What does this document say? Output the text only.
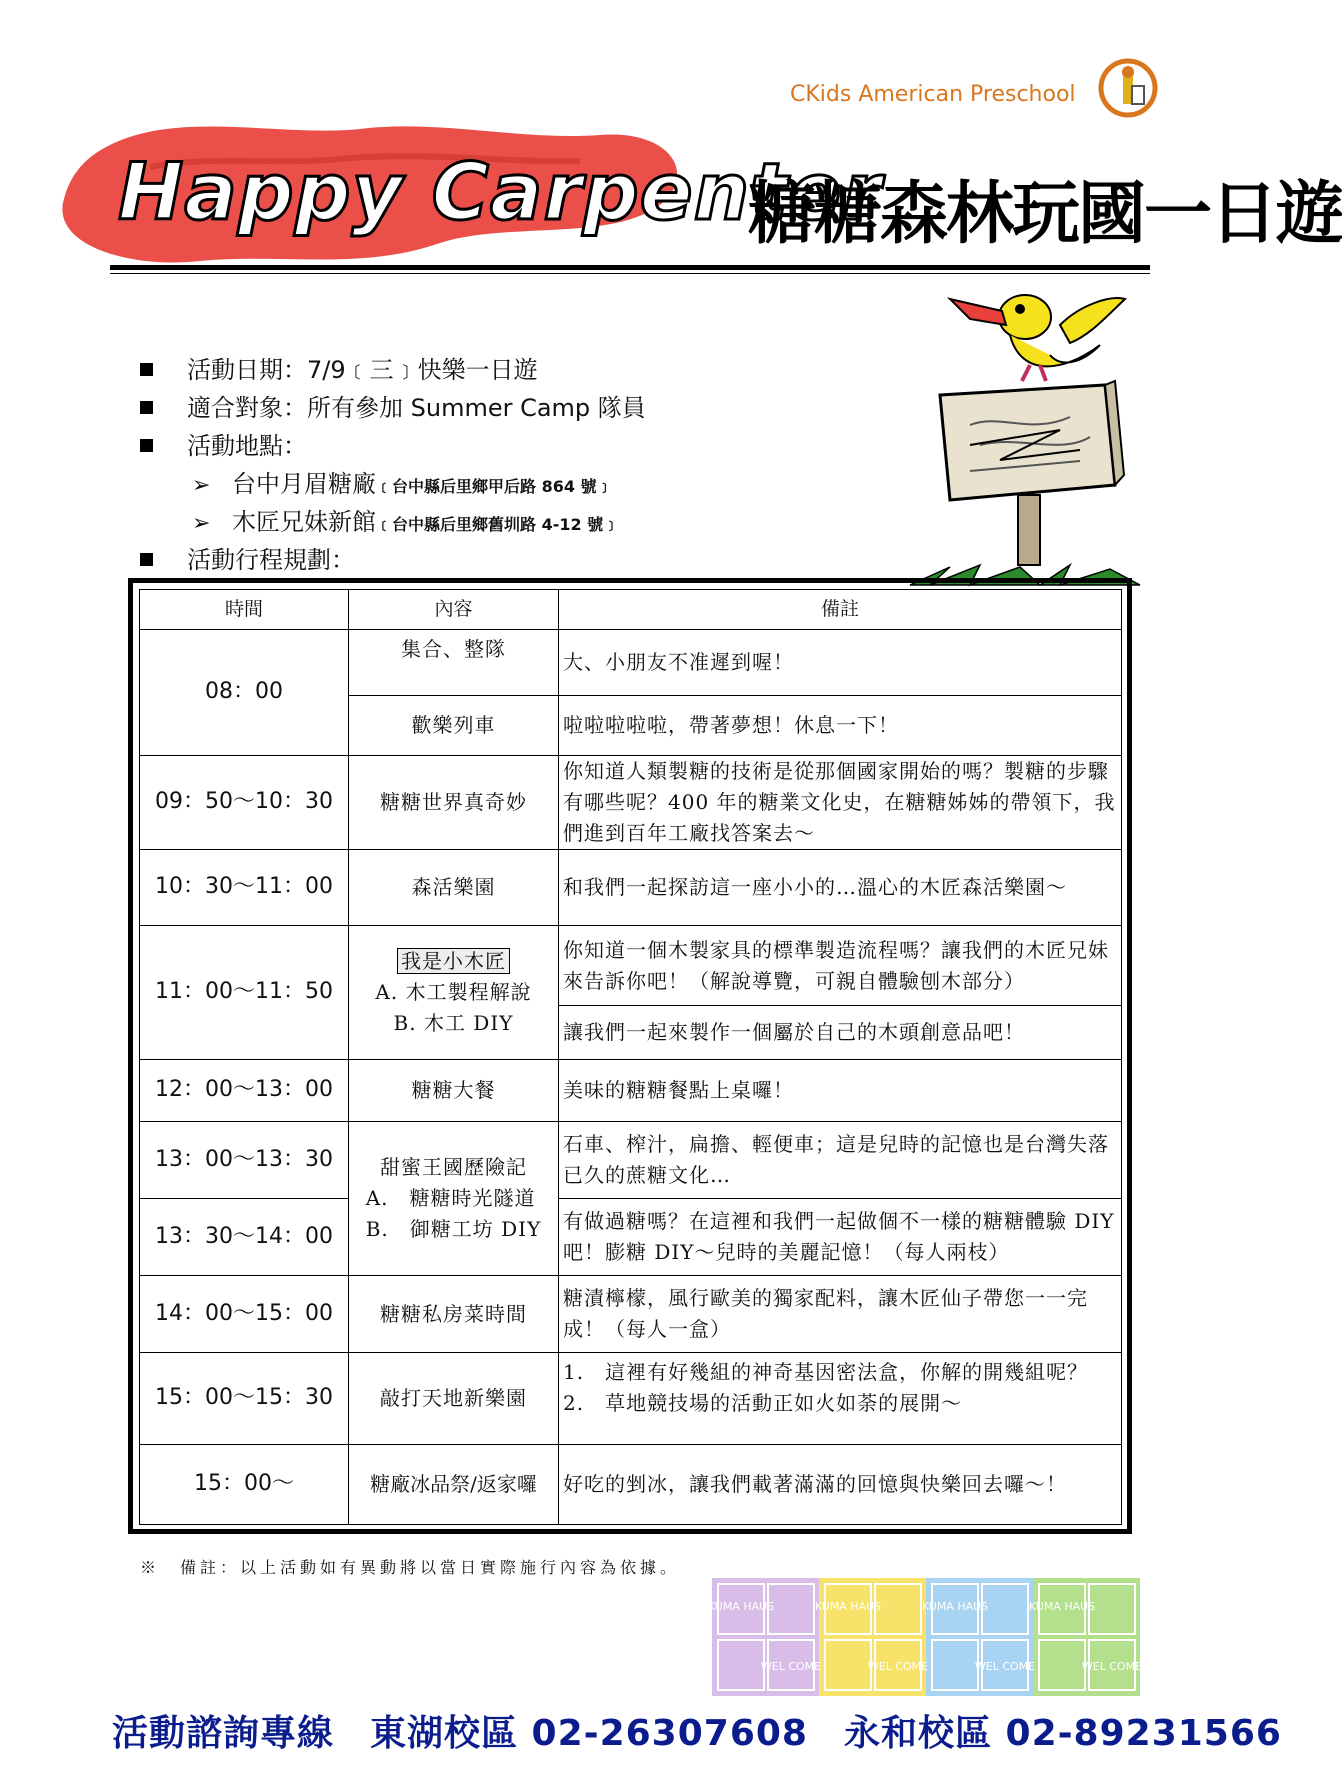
CKids American Preschool
Happy Carpenter
糖糖森林玩國一日遊
活動日期：7/9﹝三﹞快樂一日遊
適合對象：所有參加 Summer Camp 隊員
活動地點：
➢ 台中月眉糖廠﹝台中縣后里鄉甲后路 864 號﹞
➢ 木匠兄妹新館﹝台中縣后里鄉舊圳路 4-12 號﹞
活動行程規劃：
時間	內容	備註
08：00	集合、整隊	大、小朋友不准遲到喔！
	歡樂列車	啦啦啦啦啦，帶著夢想！休息一下！
09：50～10：30	糖糖世界真奇妙	你知道人類製糖的技術是從那個國家開始的嗎？製糖的步驟有哪些呢？400 年的糖業文化史，在糖糖姊姊的帶領下，我們進到百年工廠找答案去～
10：30～11：00	森活樂園	和我們一起探訪這一座小小的…溫心的木匠森活樂園～
11：00～11：50	我是小木匠
A. 木工製程解說
B. 木工 DIY	你知道一個木製家具的標準製造流程嗎？讓我們的木匠兄妹來告訴你吧！（解說導覽，可親自體驗刨木部分）
		讓我們一起來製作一個屬於自己的木頭創意品吧！
12：00～13：00	糖糖大餐	美味的糖糖餐點上桌囉！
13：00～13：30	甜蜜王國歷險記
A.　糖糖時光隧道
B.　御糖工坊 DIY	石車、榨汁，扁擔、輕便車；這是兒時的記憶也是台灣失落已久的蔗糖文化…
13：30～14：00		有做過糖嗎？在這裡和我們一起做個不一樣的糖糖體驗 DIY 吧！膨糖 DIY～兒時的美麗記憶！（每人兩枝）
14：00～15：00	糖糖私房菜時間	糖漬檸檬，風行歐美的獨家配料，讓木匠仙子帶您一一完成！（每人一盒）
15：00～15：30	敲打天地新樂園	1.　這裡有好幾組的神奇基因密法盒，你解的開幾組呢？
2.　草地競技場的活動正如火如荼的展開～

15：00～	糖廠冰品祭/返家囉	好吃的剉冰，讓我們載著滿滿的回憶與快樂回去囉～！
※　備註：以上活動如有異動將以當日實際施行內容為依據。
KUMA HAUS	KUMA HAUS	KUMA HAUS	KUMA HAUS
WEL COME	WEL COME	WEL COME	WEL COME
活動諮詢專線 東湖校區 02-26307608 永和校區 02-89231566
